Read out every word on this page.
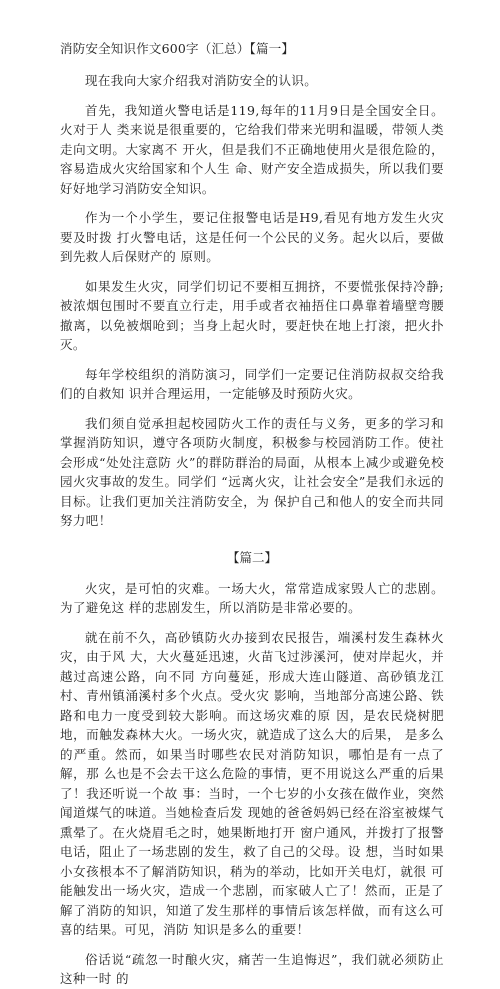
消防安全知识作文600字（汇总）【篇一】

现在我向大家介绍我对消防安全的认识。

首先，我知道火警电话是119,每年的11月9日是全国安全日。火对于人 类来说是很重要的，它给我们带来光明和温暖，带领人类走向文明。大家离不 开火，但是我们不正确地使用火是很危险的，容易造成火灾给国家和个人生 命、财产安全造成损失，所以我们要好好地学习消防安全知识。

作为一个小学生，要记住报警电话是H9,看见有地方发生火灾要及时拨 打火警电话，这是任何一个公民的义务。起火以后，要做到先救人后保财产的 原则。

如果发生火灾，同学们切记不要相互拥挤，不要慌张保持冷静;被浓烟包围时不要直立行走，用手或者衣袖捂住口鼻靠着墙壁弯腰撤离，以免被烟呛到；当身上起火时，要赶快在地上打滚，把火扑灭。

每年学校组织的消防演习，同学们一定要记住消防叔叔交给我们的自救知 识并合理运用，一定能够及时预防火灾。

我们须自觉承担起校园防火工作的责任与义务，更多的学习和掌握消防知识，遵守各项防火制度，积极参与校园消防工作。使社会形成“处处注意防 火”的群防群治的局面，从根本上减少或避免校园火灾事故的发生。同学们 “远离火灾，让社会安全”是我们永远的目标。让我们更加关注消防安全，为 保护自己和他人的安全而共同努力吧！

【篇二】

火灾，是可怕的灾难。一场大火，常常造成家毁人亡的悲剧。为了避免这 样的悲剧发生，所以消防是非常必要的。

就在前不久，高砂镇防火办接到农民报告，端溪村发生森林火灾，由于风 大，大火蔓延迅速，火苗飞过涉溪河，使对岸起火，并越过高速公路，向不同 方向蔓延，形成大连山隧道、高砂镇龙江村、青州镇涌溪村多个火点。受火灾 影响，当地部分高速公路、铁路和电力一度受到较大影响。而这场灾难的原 因，是农民烧树肥地，而触发森林大火。一场火灾，就造成了这么大的后果， 是多么的严重。然而，如果当时哪些农民对消防知识，哪怕是有一点了解，那 么也是不会去干这么危险的事情，更不用说这么严重的后果了！我还听说一个故 事：当时，一个七岁的小女孩在做作业，突然闻道煤气的味道。当她检查后发 现她的爸爸妈妈已经在浴室被煤气熏晕了。在火烧眉毛之时，她果断地打开 窗户通风，并拨打了报警电话，阻止了一场悲剧的发生，救了自己的父母。设 想，当时如果小女孩根本不了解消防知识，稍为的举动，比如开关电灯，就很 可能触发出一场火灾，造成一个悲剧，而家破人亡了！然而，正是了解了消防的知识，知道了发生那样的事情后该怎样做，而有这么可喜的结果。可见，消防 知识是多么的重要！

俗话说“疏忽一时酿火灾，痛苦一生追悔迟”，我们就必须防止这种一时 的
